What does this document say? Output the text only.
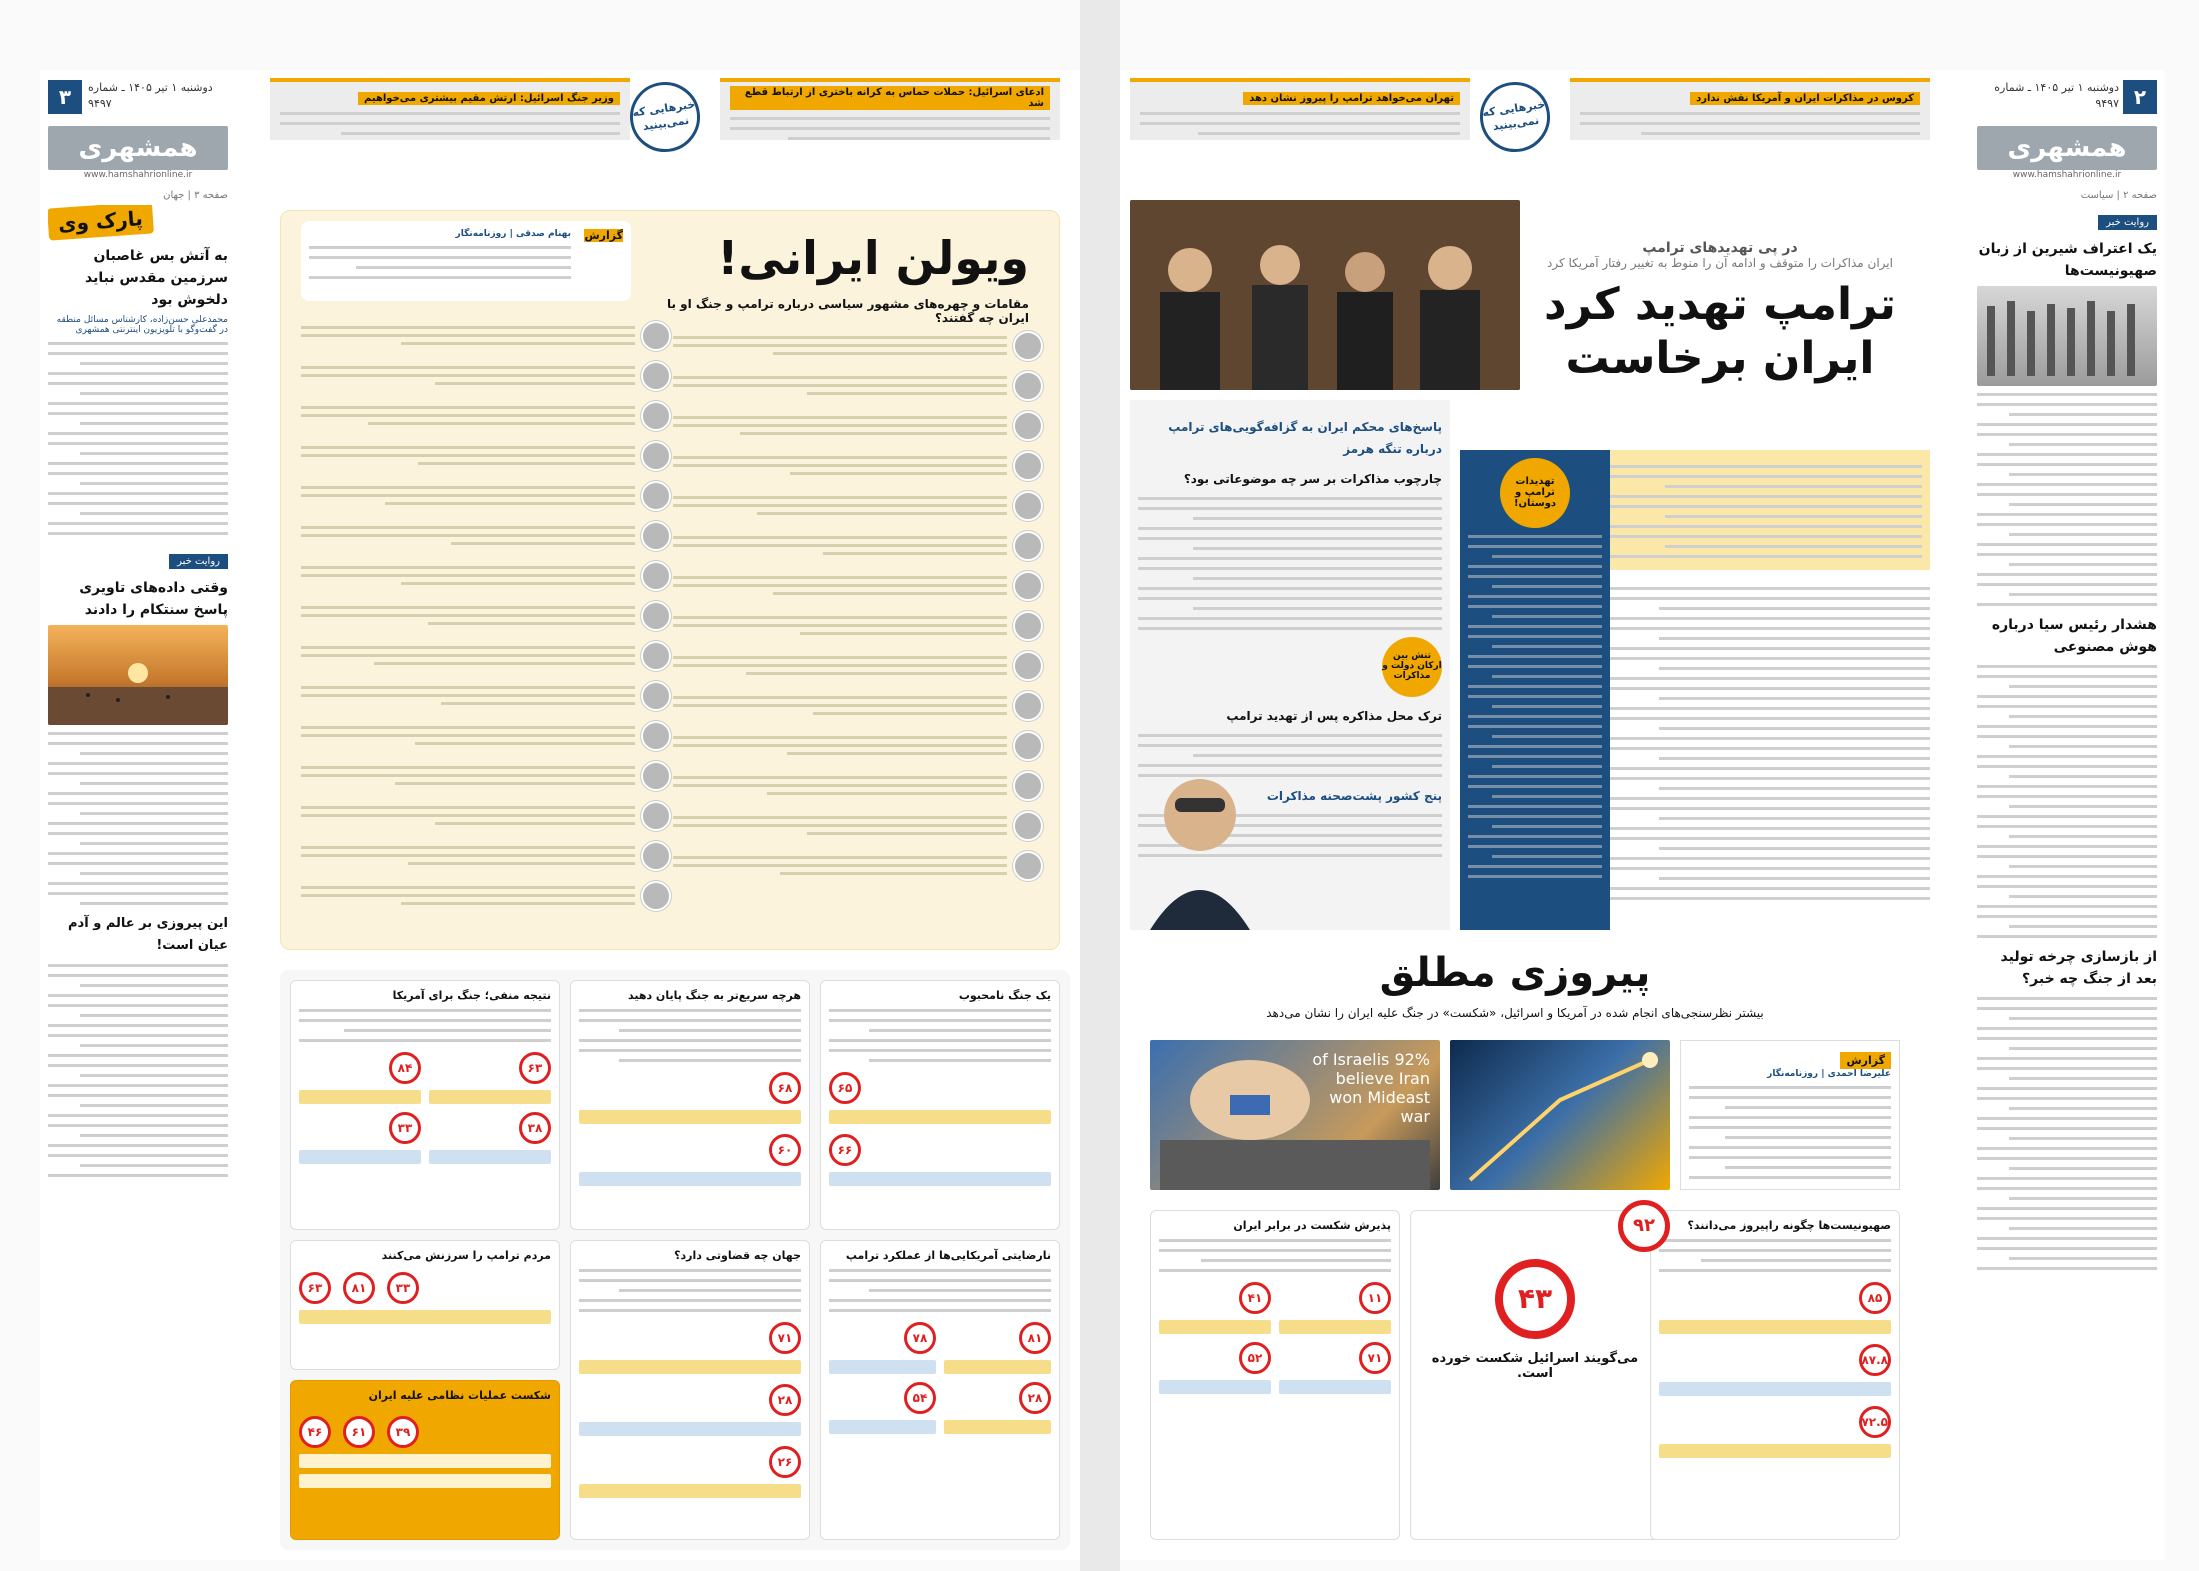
۳	دوشنبه ۱ تیر ۱۴۰۵ ـ شماره ۹۴۹۷
همشهری
www.hamshahrionline.ir
صفحه ۳ | جهان
وزیر جنگ اسرائیل: ارتش مقیم بیشتری می‌خواهیم	خبرهایی که نمی‌بینید
ادعای اسرائیل: حملات حماس به کرانه باختری از ارتباط قطع شد
پارک وی
به آتش بس غاصبان سرزمین مقدس نباید دلخوش بود
محمدعلی حسن‌زاده، کارشناس مسائل منطقه در گفت‌وگو با تلویزیون اینترنتی همشهری
روایت خبر
وقتی داده‌های تاویری پاسخ سنتکام را دادند
این پیروزی بر عالم و آدم عیان است!
ویولن ایرانی!
مقامات و چهره‌های مشهور سیاسی درباره ترامپ و جنگ او با ایران چه گفتند؟
گزارش
بهنام صدقی | روزنامه‌نگار
یک جنگ نامحبوب
۶۵
۶۶
هرچه سریع‌تر به جنگ پایان دهید
۶۸
۶۰
نتیجه منفی؛ جنگ برای آمریکا
۶۳
۸۴
۳۸
۳۳
نارضایتی آمریکایی‌ها از عملکرد ترامپ
۸۱
۷۸
۲۸
۵۴
جهان چه قضاوتی دارد؟
۷۱
۲۸
۲۶
مردم ترامپ را سرزنش می‌کنند
۳۳
۸۱
۶۳
شکست عملیات نظامی علیه ایران
۳۹
۶۱
۴۶
پیروزی مطلق
بیشتر نظرسنجی‌های انجام شده در آمریکا و اسرائیل، «شکست» در جنگ علیه ایران را نشان می‌دهد
92% of Israelis believe Iran won Mideast war
گزارش
علیرضا احمدی | روزنامه‌نگار
پذیرش شکست در برابر ایران
۱۱
۴۱
۷۱
۵۲
۴۳
می‌گویند اسرائیل شکست خورده است.
صهیونیست‌ها چگونه راپیروز می‌دانند؟
۸۵
۸۷.۸
۷۲.۵
۹۲
۲
دوشنبه ۱ تیر ۱۴۰۵ ـ شماره ۹۴۹۷
همشهری
www.hamshahrionline.ir
صفحه ۲ | سیاست
تهران می‌خواهد ترامپ را پیروز نشان دهد	خبرهایی که نمی‌بینید
کروس در مذاکرات ایران و آمریکا نقش ندارد
روایت خبر
یک اعتراف شیرین از زبان صهیونیست‌ها
هشدار رئیس سیا درباره هوش مصنوعی
از بازسازی چرخه تولید بعد از جنگ چه خبر؟
در پی تهدیدهای ترامپ
ایران مذاکرات را متوقف و ادامه آن را منوط به تغییر رفتار آمریکا کرد
ترامپ تهدید کرد
ایران برخاست
تهدیدات ترامپ و دوستان!
پاسخ‌های محکم ایران به گزافه‌گویی‌های ترامپ درباره تنگه هرمز
چارچوب مذاکرات بر سر چه موضوعاتی بود؟
تنش بین ارکان دولت و مذاکرات
ترک محل مذاکره پس از تهدید ترامپ
پنج کشور پشت‌صحنه مذاکرات
